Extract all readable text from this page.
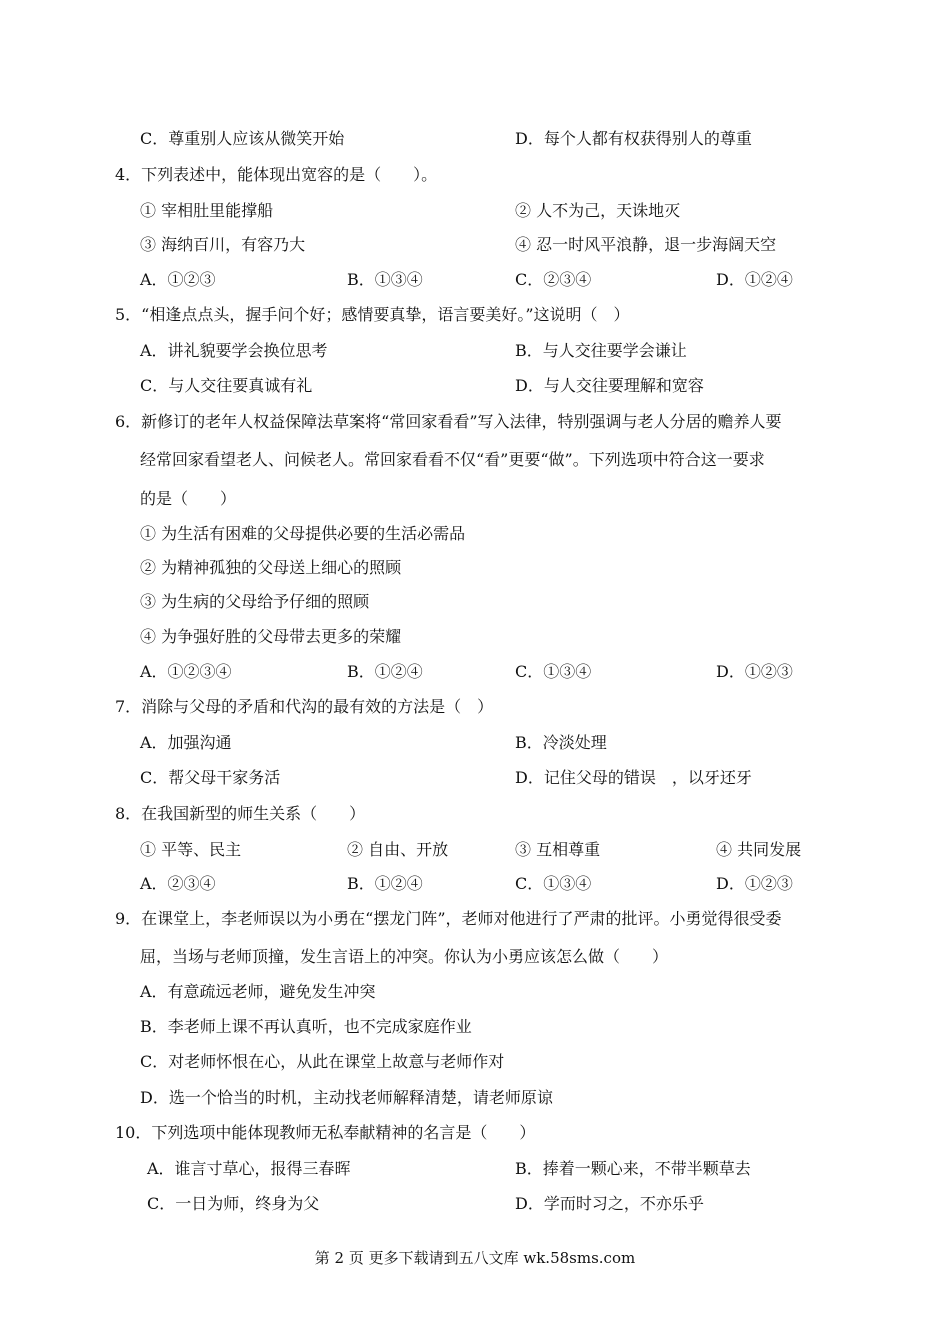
C．尊重别人应该从微笑开始	D．每个人都有权获得别人的尊重
4．下列表述中，能体现出宽容的是（　　）。
① 宰相肚里能撑船	② 人不为己，天诛地灭
③ 海纳百川，有容乃大	④ 忍一时风平浪静，退一步海阔天空
A．①②③	B．①③④	C．②③④	D．①②④
5．“相逢点点头，握手问个好；感情要真挚，语言要美好。”这说明（　）
A．讲礼貌要学会换位思考	B．与人交往要学会谦让
C．与人交往要真诚有礼	D．与人交往要理解和宽容
6．新修订的老年人权益保障法草案将“常回家看看”写入法律，特别强调与老人分居的赡养人要
经常回家看望老人、问候老人。常回家看看不仅“看”更要“做”。下列选项中符合这一要求
的是（　　）
① 为生活有困难的父母提供必要的生活必需品
② 为精神孤独的父母送上细心的照顾
③ 为生病的父母给予仔细的照顾
④ 为争强好胜的父母带去更多的荣耀
A．①②③④	B．①②④	C．①③④	D．①②③
7．消除与父母的矛盾和代沟的最有效的方法是（　）
A．加强沟通	B．冷淡处理
C．帮父母干家务活	D．记住父母的错误　，以牙还牙
8．在我国新型的师生关系（　　）
① 平等、民主	② 自由、开放	③ 互相尊重	④ 共同发展
A．②③④	B．①②④	C．①③④	D．①②③
9．在课堂上，李老师误以为小勇在“摆龙门阵”，老师对他进行了严肃的批评。小勇觉得很受委
屈，当场与老师顶撞，发生言语上的冲突。你认为小勇应该怎么做（　　）
A．有意疏远老师，避免发生冲突
B．李老师上课不再认真听，也不完成家庭作业
C．对老师怀恨在心，从此在课堂上故意与老师作对
D．选一个恰当的时机，主动找老师解释清楚，请老师原谅
10．下列选项中能体现教师无私奉献精神的名言是（　　）
A．谁言寸草心，报得三春晖	B．捧着一颗心来，不带半颗草去
C．一日为师，终身为父	D．学而时习之，不亦乐乎
第 2 页 更多下载请到五八文库 wk.58sms.com
